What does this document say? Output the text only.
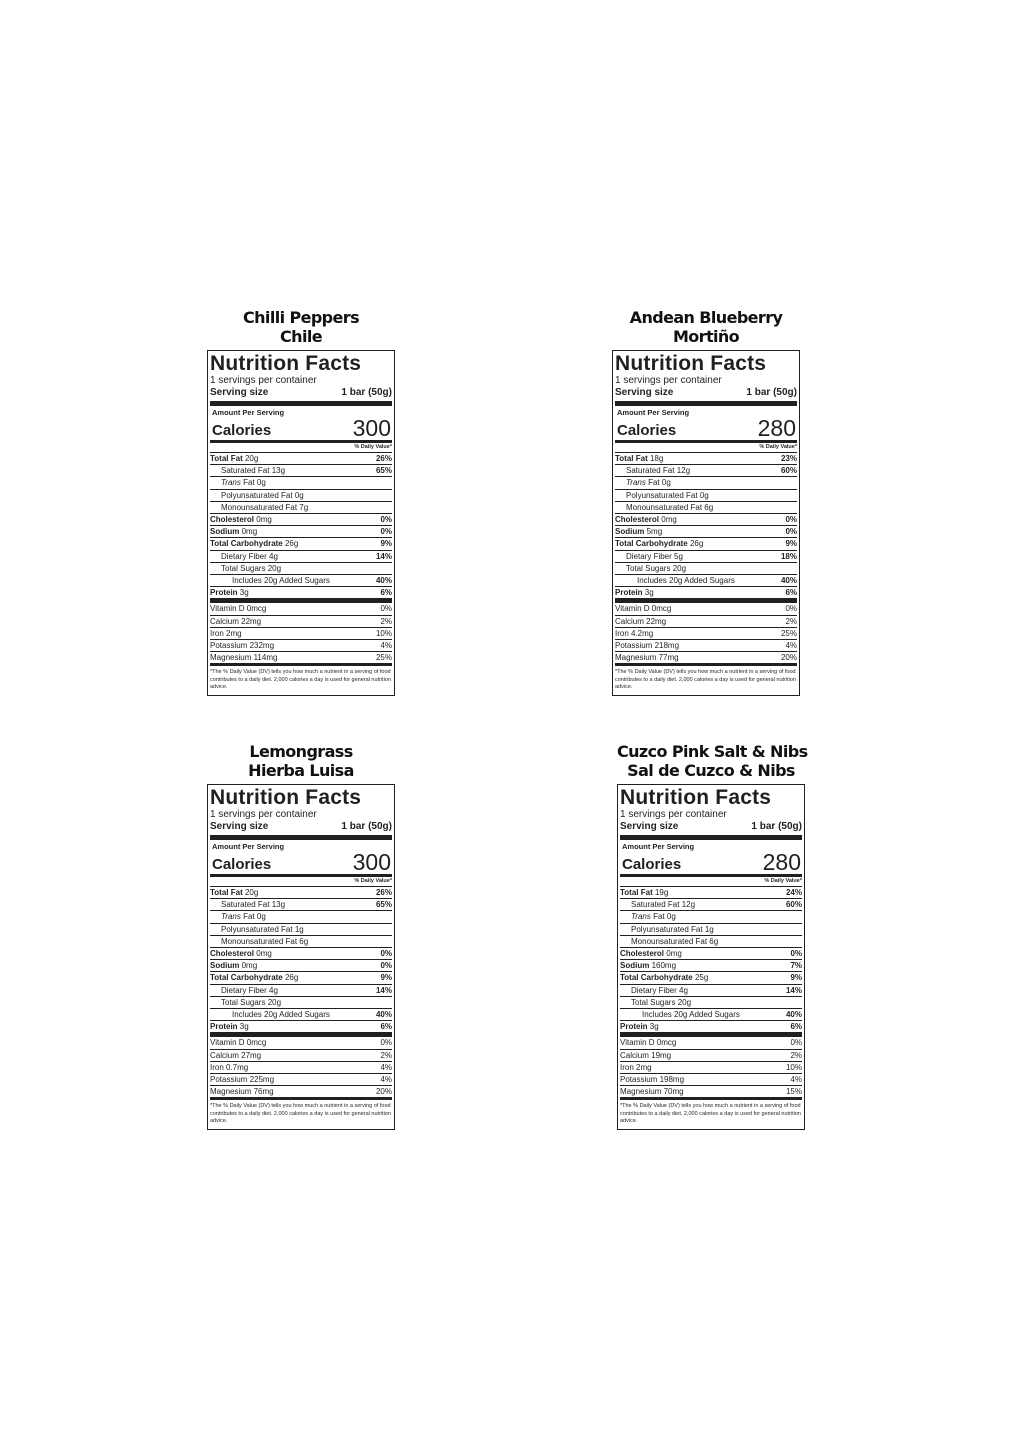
Chilli Peppers
Chile
Nutrition Facts
1 servings per container
Serving size	1 bar (50g)
Amount Per Serving
Calories	300
% Daily Value*
Total Fat 20g	26%
Saturated Fat 13g	65%
Trans Fat 0g
Polyunsaturated Fat 0g
Monounsaturated Fat 7g
Cholesterol 0mg	0%
Sodium 0mg	0%
Total Carbohydrate 26g	9%
Dietary Fiber 4g	14%
Total Sugars 20g
Includes 20g Added Sugars	40%
Protein 3g	6%
Vitamin D 0mcg	0%
Calcium 22mg	2%
Iron 2mg	10%
Potassium 232mg	4%
Magnesium 114mg	25%
*The % Daily Value (DV) tells you how much a nutrient in a serving of food contributes to a daily diet. 2,000 calories a day is used for general nutrition advice.
Andean Blueberry
Mortiño
Nutrition Facts
1 servings per container
Serving size	1 bar (50g)
Amount Per Serving
Calories	280
% Daily Value*
Total Fat 18g	23%
Saturated Fat 12g	60%
Trans Fat 0g
Polyunsaturated Fat 0g
Monounsaturated Fat 6g
Cholesterol 0mg	0%
Sodium 5mg	0%
Total Carbohydrate 26g	9%
Dietary Fiber 5g	18%
Total Sugars 20g
Includes 20g Added Sugars	40%
Protein 3g	6%
Vitamin D 0mcg	0%
Calcium 22mg	2%
Iron 4.2mg	25%
Potassium 218mg	4%
Magnesium 77mg	20%
*The % Daily Value (DV) tells you how much a nutrient in a serving of food contributes to a daily diet. 2,000 calories a day is used for general nutrition advice.
Lemongrass
Hierba Luisa
Nutrition Facts
1 servings per container
Serving size	1 bar (50g)
Amount Per Serving
Calories	300
% Daily Value*
Total Fat 20g	26%
Saturated Fat 13g	65%
Trans Fat 0g
Polyunsaturated Fat 1g
Monounsaturated Fat 6g
Cholesterol 0mg	0%
Sodium 0mg	0%
Total Carbohydrate 26g	9%
Dietary Fiber 4g	14%
Total Sugars 20g
Includes 20g Added Sugars	40%
Protein 3g	6%
Vitamin D 0mcg	0%
Calcium 27mg	2%
Iron 0.7mg	4%
Potassium 225mg	4%
Magnesium 76mg	20%
*The % Daily Value (DV) tells you how much a nutrient in a serving of food contributes to a daily diet. 2,000 calories a day is used for general nutrition advice.
Cuzco Pink Salt & Nibs
Sal de Cuzco & Nibs
Nutrition Facts
1 servings per container
Serving size	1 bar (50g)
Amount Per Serving
Calories	280
% Daily Value*
Total Fat 19g	24%
Saturated Fat 12g	60%
Trans Fat 0g
Polyunsaturated Fat 1g
Monounsaturated Fat 6g
Cholesterol 0mg	0%
Sodium 160mg	7%
Total Carbohydrate 25g	9%
Dietary Fiber 4g	14%
Total Sugars 20g
Includes 20g Added Sugars	40%
Protein 3g	6%
Vitamin D 0mcg	0%
Calcium 19mg	2%
Iron 2mg	10%
Potassium 198mg	4%
Magnesium 70mg	15%
*The % Daily Value (DV) tells you how much a nutrient in a serving of food contributes to a daily diet. 2,000 calories a day is used for general nutrition advice.
